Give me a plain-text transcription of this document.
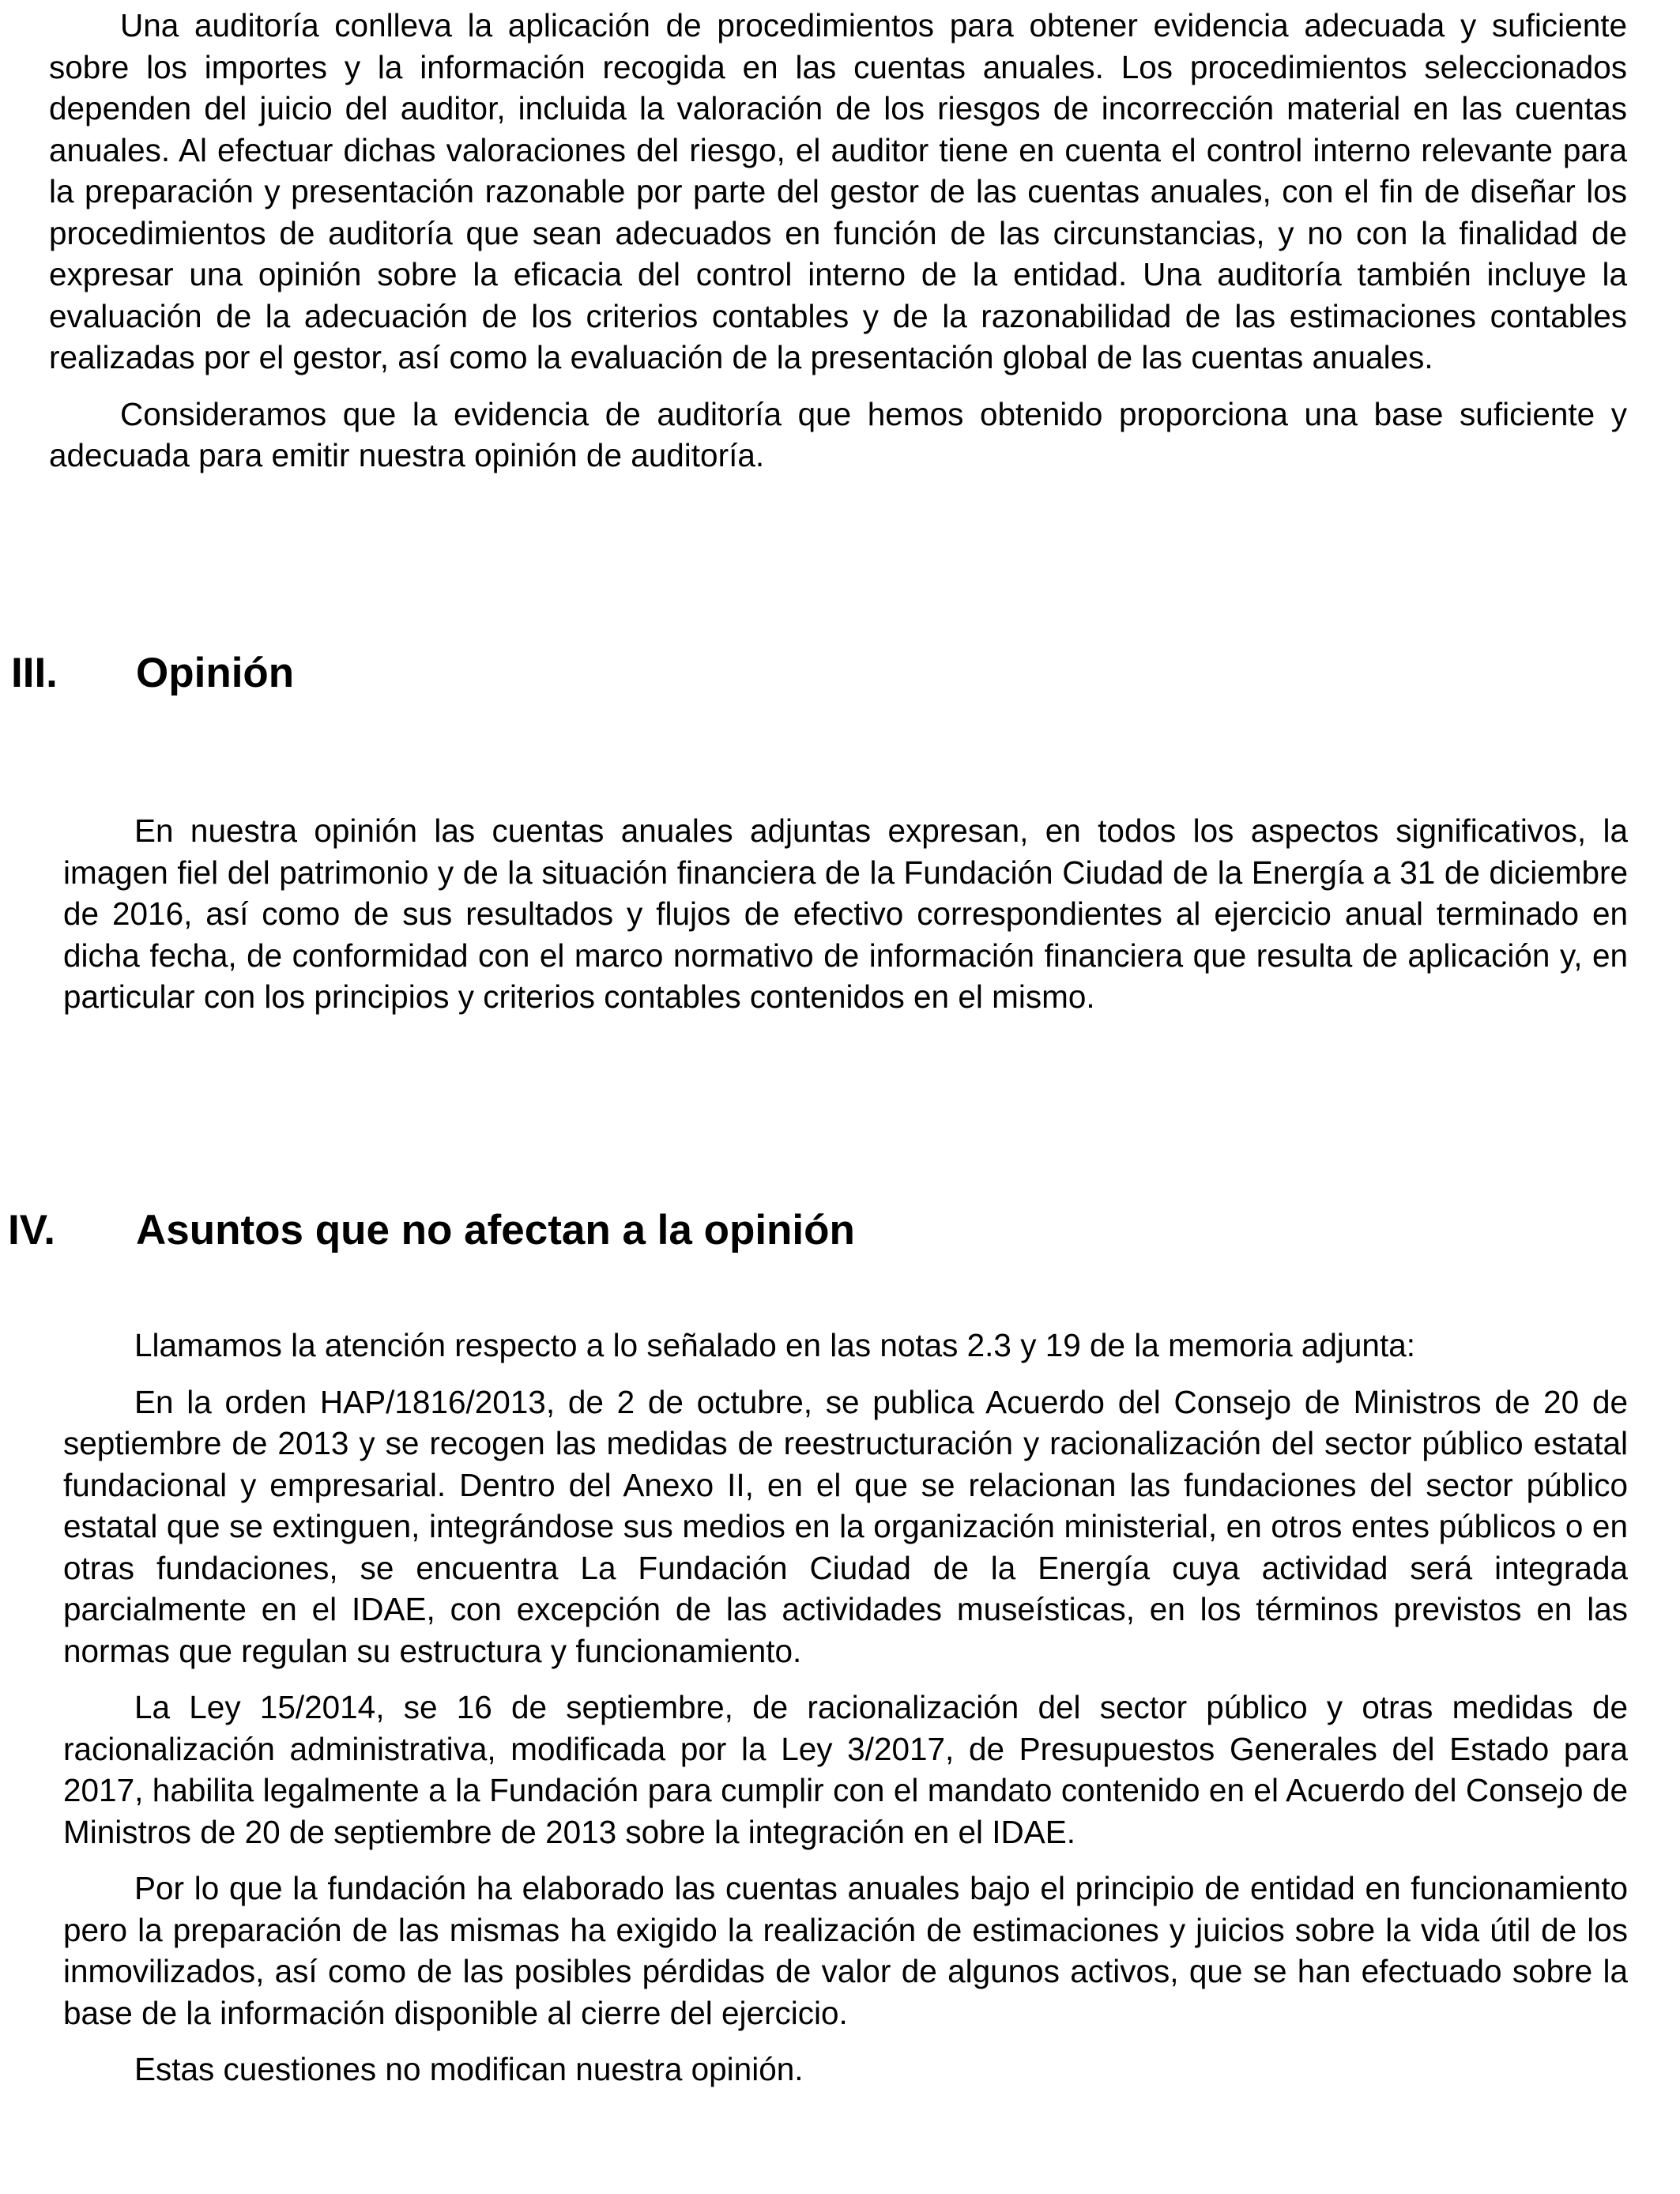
Una auditoría conlleva la aplicación de procedimientos para obtener evidencia adecuada y suficiente sobre los importes y la información recogida en las cuentas anuales. Los procedimientos seleccionados dependen del juicio del auditor, incluida la valoración de los riesgos de incorrección material en las cuentas anuales. Al efectuar dichas valoraciones del riesgo, el auditor tiene en cuenta el control interno relevante para la preparación y presentación razonable por parte del gestor de las cuentas anuales, con el fin de diseñar los procedimientos de auditoría que sean adecuados en función de las circunstancias, y no con la finalidad de expresar una opinión sobre la eficacia del control interno de la entidad. Una auditoría también incluye la evaluación de la adecuación de los criterios contables y de la razonabilidad de las estimaciones contables realizadas por el gestor, así como la evaluación de la presentación global de las cuentas anuales.

Consideramos que la evidencia de auditoría que hemos obtenido proporciona una base suficiente y adecuada para emitir nuestra opinión de auditoría.

III. Opinión

En nuestra opinión las cuentas anuales adjuntas expresan, en todos los aspectos significativos, la imagen fiel del patrimonio y de la situación financiera de la Fundación Ciudad de la Energía a 31 de diciembre de 2016, así como de sus resultados y flujos de efectivo correspondientes al ejercicio anual terminado en dicha fecha, de conformidad con el marco normativo de información financiera que resulta de aplicación y, en particular con los principios y criterios contables contenidos en el mismo.

IV. Asuntos que no afectan a la opinión

Llamamos la atención respecto a lo señalado en las notas 2.3 y 19 de la memoria adjunta:

En la orden HAP/1816/2013, de 2 de octubre, se publica Acuerdo del Consejo de Ministros de 20 de septiembre de 2013 y se recogen las medidas de reestructuración y racionalización del sector público estatal fundacional y empresarial. Dentro del Anexo II, en el que se relacionan las fundaciones del sector público estatal que se extinguen, integrándose sus medios en la organización ministerial, en otros entes públicos o en otras fundaciones, se encuentra La Fundación Ciudad de la Energía cuya actividad será integrada parcialmente en el IDAE, con excepción de las actividades museísticas, en los términos previstos en las normas que regulan su estructura y funcionamiento.

La Ley 15/2014, se 16 de septiembre, de racionalización del sector público y otras medidas de racionalización administrativa, modificada por la Ley 3/2017, de Presupuestos Generales del Estado para 2017, habilita legalmente a la Fundación para cumplir con el mandato contenido en el Acuerdo del Consejo de Ministros de 20 de septiembre de 2013 sobre la integración en el IDAE.

Por lo que la fundación ha elaborado las cuentas anuales bajo el principio de entidad en funcionamiento pero la preparación de las mismas ha exigido la realización de estimaciones y juicios sobre la vida útil de los inmovilizados, así como de las posibles pérdidas de valor de algunos activos, que se han efectuado sobre la base de la información disponible al cierre del ejercicio.

Estas cuestiones no modifican nuestra opinión.
